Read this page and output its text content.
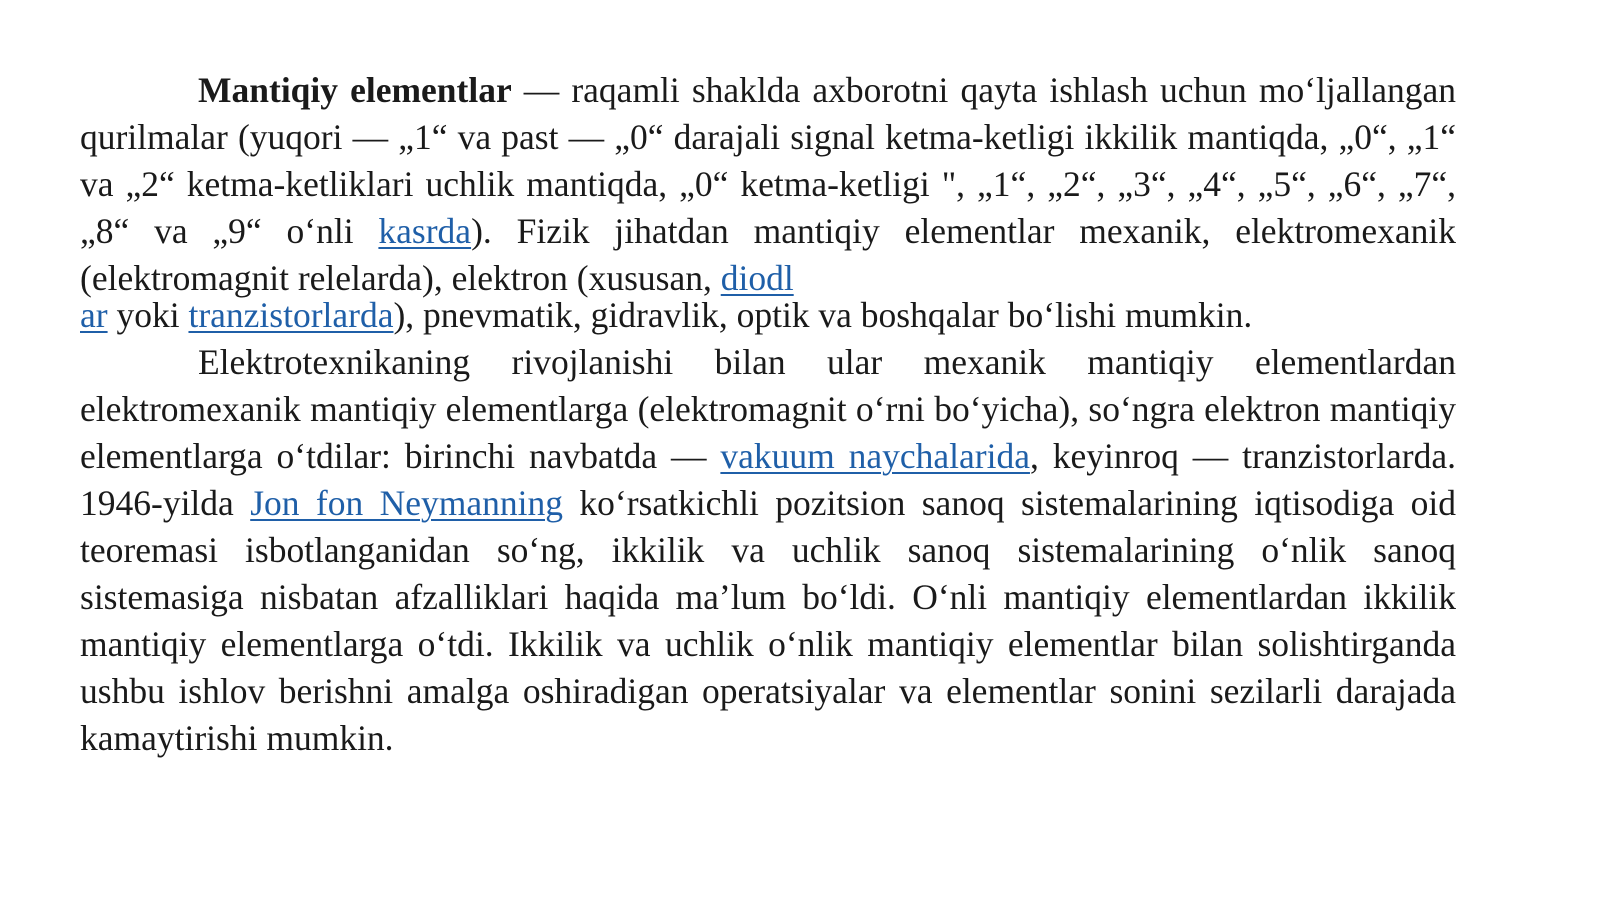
Mantiqiy elementlar — raqamli shaklda axborotni qayta ishlash uchun mo‘ljallangan qurilmalar (yuqori — „1“ va past — „0“ darajali signal ketma-ketligi ikkilik mantiqda, „0“, „1“ va „2“ ketma-ketliklari uchlik mantiqda, „0“ ketma-ketligi ", „1“, „2“, „3“, „4“, „5“, „6“, „7“, „8“ va „9“ o‘nli kasrda). Fizik jihatdan mantiqiy elementlar mexanik, elektromexanik (elektromagnit relelarda), elektron (xususan, diodl

ar yoki tranzistorlarda), pnevmatik, gidravlik, optik va boshqalar bo‘lishi mumkin.

Elektrotexnikaning rivojlanishi bilan ular mexanik mantiqiy elementlardan elektromexanik mantiqiy elementlarga (elektromagnit o‘rni bo‘yicha), so‘ngra elektron mantiqiy elementlarga o‘tdilar: birinchi navbatda — vakuum naychalarida, keyinroq — tranzistorlarda. 1946-yilda Jon fon Neymanning ko‘rsatkichli pozitsion sanoq sistemalarining iqtisodiga oid teoremasi isbotlanganidan so‘ng, ikkilik va uchlik sanoq sistemalarining o‘nlik sanoq sistemasiga nisbatan afzalliklari haqida ma’lum bo‘ldi. O‘nli mantiqiy elementlardan ikkilik mantiqiy elementlarga o‘tdi. Ikkilik va uchlik o‘nlik mantiqiy elementlar bilan solishtirganda ushbu ishlov berishni amalga oshiradigan operatsiyalar va elementlar sonini sezilarli darajada kamaytirishi mumkin.
